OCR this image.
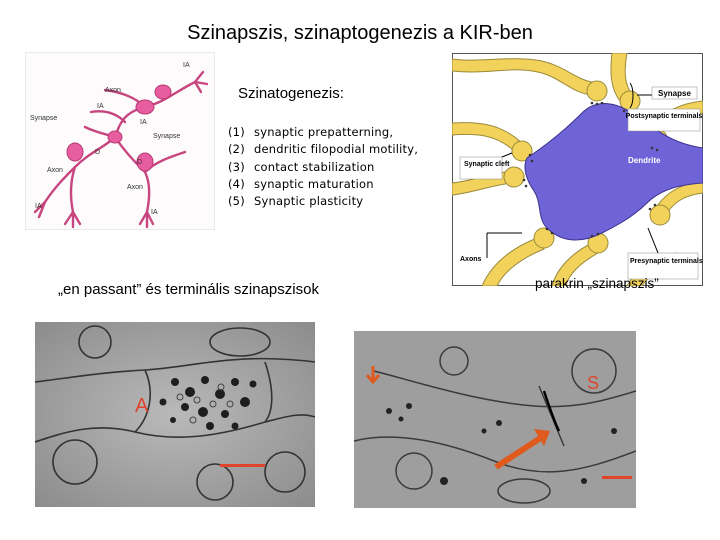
Szinapszis, szinaptogenezis a KIR-ben
IA
Axon
IA
Synapse
D
IA
Synapse
Axon
Axon
IA
IA
D
Szinatogenezis:
(1) synaptic prepatterning,
(2) dendritic filopodial motility,
(3) contact stabilization
(4) synaptic maturation
(5) Synaptic plasticity
Synapse
Postsynaptic terminals
Dendrite
Synaptic cleft
Axons	Presynaptic terminals
„en passant” és terminális szinapszisok	parakrin „szinapszis”
A
S
